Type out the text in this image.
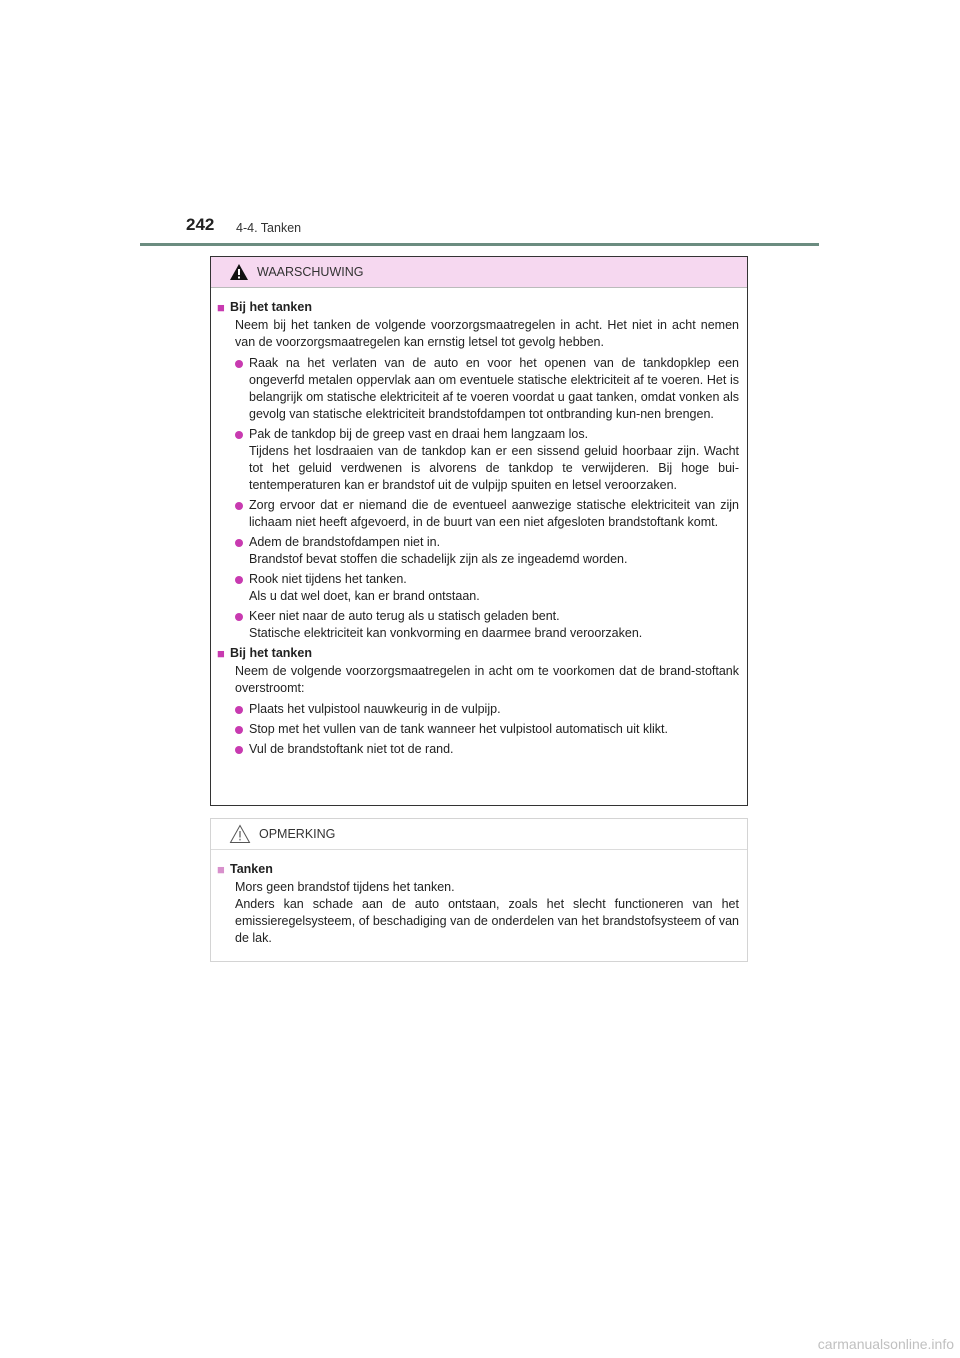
242 4-4. Tanken
WAARSCHUWING
■ Bij het tanken
Neem bij het tanken de volgende voorzorgsmaatregelen in acht. Het niet in acht nemen van de voorzorgsmaatregelen kan ernstig letsel tot gevolg hebben.
Raak na het verlaten van de auto en voor het openen van de tankdopklep een ongeverfd metalen oppervlak aan om eventuele statische elektriciteit af te voeren. Het is belangrijk om statische elektriciteit af te voeren voordat u gaat tanken, omdat vonken als gevolg van statische elektriciteit brandstofdampen tot ontbranding kun-nen brengen.
Pak de tankdop bij de greep vast en draai hem langzaam los.
Tijdens het losdraaien van de tankdop kan er een sissend geluid hoorbaar zijn. Wacht tot het geluid verdwenen is alvorens de tankdop te verwijderen. Bij hoge bui-tentemperaturen kan er brandstof uit de vulpijp spuiten en letsel veroorzaken.
Zorg ervoor dat er niemand die de eventueel aanwezige statische elektriciteit van zijn lichaam niet heeft afgevoerd, in de buurt van een niet afgesloten brandstoftank komt.
Adem de brandstofdampen niet in.
Brandstof bevat stoffen die schadelijk zijn als ze ingeademd worden.
Rook niet tijdens het tanken.
Als u dat wel doet, kan er brand ontstaan.
Keer niet naar de auto terug als u statisch geladen bent.
Statische elektriciteit kan vonkvorming en daarmee brand veroorzaken.
■ Bij het tanken
Neem de volgende voorzorgsmaatregelen in acht om te voorkomen dat de brand-stoftank overstroomt:
Plaats het vulpistool nauwkeurig in de vulpijp.
Stop met het vullen van de tank wanneer het vulpistool automatisch uit klikt.
Vul de brandstoftank niet tot de rand.
OPMERKING
■ Tanken
Mors geen brandstof tijdens het tanken.
Anders kan schade aan de auto ontstaan, zoals het slecht functioneren van het emissieregelsysteem, of beschadiging van de onderdelen van het brandstofsysteem of van de lak.
carmanualsonline.info
